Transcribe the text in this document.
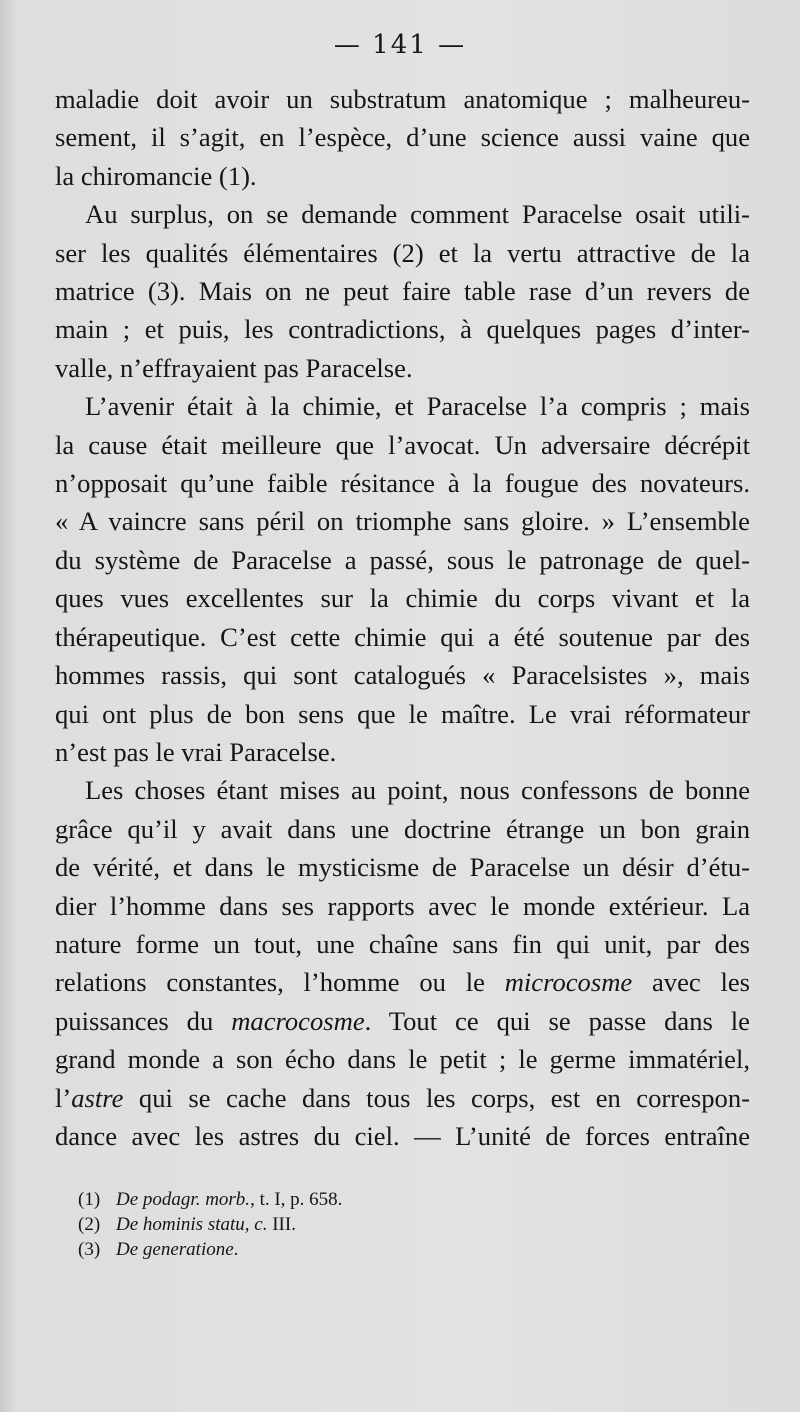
— 141 —
maladie doit avoir un substratum anatomique ; malheureu-
sement, il s’agit, en l’espèce, d’une science aussi vaine que
la chiromancie (1).
Au surplus, on se demande comment Paracelse osait utili-
ser les qualités élémentaires (2) et la vertu attractive de la
matrice (3). Mais on ne peut faire table rase d’un revers de
main ; et puis, les contradictions, à quelques pages d’inter-
valle, n’effrayaient pas Paracelse.
L’avenir était à la chimie, et Paracelse l’a compris ; mais
la cause était meilleure que l’avocat. Un adversaire décrépit
n’opposait qu’une faible résitance à la fougue des novateurs.
« A vaincre sans péril on triomphe sans gloire. » L’ensemble
du système de Paracelse a passé, sous le patronage de quel-
ques vues excellentes sur la chimie du corps vivant et la
thérapeutique. C’est cette chimie qui a été soutenue par des
hommes rassis, qui sont catalogués « Paracelsistes », mais
qui ont plus de bon sens que le maître. Le vrai réformateur
n’est pas le vrai Paracelse.
Les choses étant mises au point, nous confessons de bonne
grâce qu’il y avait dans une doctrine étrange un bon grain
de vérité, et dans le mysticisme de Paracelse un désir d’étu-
dier l’homme dans ses rapports avec le monde extérieur. La
nature forme un tout, une chaîne sans fin qui unit, par des
relations constantes, l’homme ou le microcosme avec les
puissances du macrocosme. Tout ce qui se passe dans le
grand monde a son écho dans le petit ; le germe immatériel,
l’astre qui se cache dans tous les corps, est en correspon-
dance avec les astres du ciel. — L’unité de forces entraîne
(1) De podagr. morb., t. I, p. 658.
(2) De hominis statu, c. III.
(3) De generatione.
